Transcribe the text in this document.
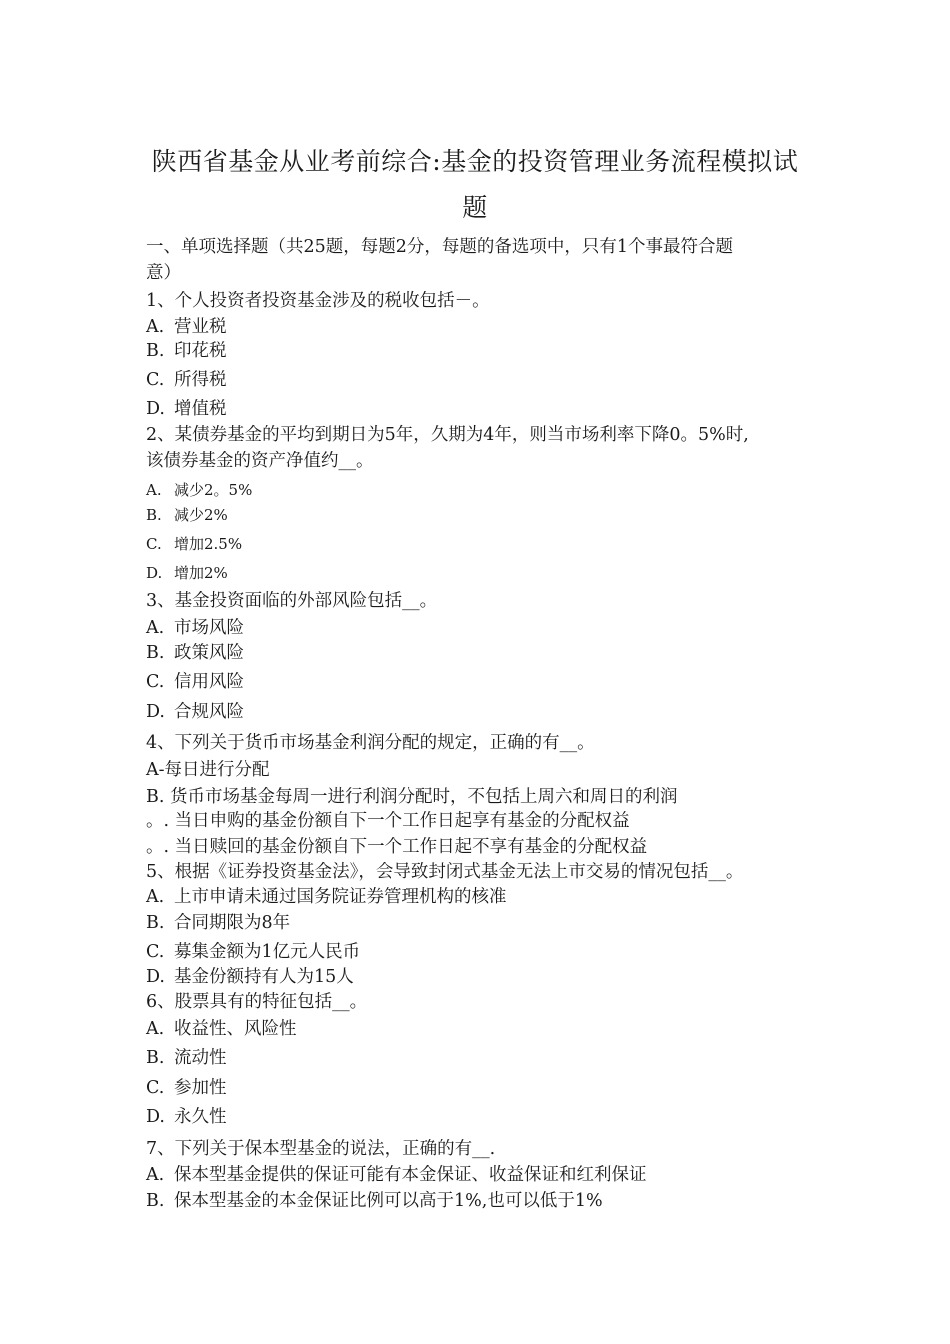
陕西省基金从业考前综合:基金的投资管理业务流程模拟试
题
一、单项选择题（共25题，每题2分，每题的备选项中，只有1个事最符合题
意）
1、个人投资者投资基金涉及的税收包括－。
A. 营业税
B. 印花税
C. 所得税
D. 增值税
2、某债券基金的平均到期日为5年，久期为4年，则当市场利率下降0。5%时,
该债券基金的资产净值约__。
A. 减少2。5%
B. 减少2%
C. 增加2.5%
D. 增加2%
3、基金投资面临的外部风险包括__。
A. 市场风险
B. 政策风险
C. 信用风险
D. 合规风险
4、下列关于货币市场基金利润分配的规定，正确的有__。
A-每日进行分配
B. 货币市场基金每周一进行利润分配时，不包括上周六和周日的利润
。. 当日申购的基金份额自下一个工作日起享有基金的分配权益
。. 当日赎回的基金份额自下一个工作日起不享有基金的分配权益
5、根据《证券投资基金法》，会导致封闭式基金无法上市交易的情况包括__。
A. 上市申请未通过国务院证券管理机构的核准
B. 合同期限为8年
C. 募集金额为1亿元人民币
D. 基金份额持有人为15人
6、股票具有的特征包括__。
A. 收益性、风险性
B. 流动性
C. 参加性
D. 永久性
7、下列关于保本型基金的说法，正确的有__.
A. 保本型基金提供的保证可能有本金保证、收益保证和红利保证
B. 保本型基金的本金保证比例可以高于1%,也可以低于1%
